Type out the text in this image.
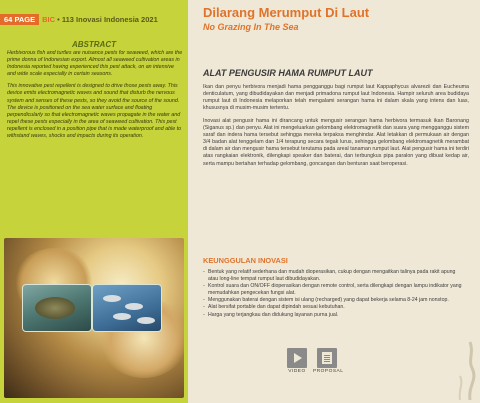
64 PAGE BIC • 113 Inovasi Indonesia 2021
ABSTRACT

Herbivorous fish and turtles are nuisance pests for seaweed, which are the prime donna of Indonesian export. Almost all seaweed cultivation areas in Indonesia reported having experienced this pest attack, on an intensive and wide scale especially in certain seasons.

This innovative pest repellent is designed to drive those pests away. This device emits electromagnetic waves and sound that disturb the nervous system and senses of these pests, so they avoid the source of the sound. The device is positioned on the sea water surface and floating perpendicularly so that electromagnetic waves propagate in the water and repel these pests especially in the area of seaweed cultivation. This pest repellent is enclosed in a position pipe that is made waterproof and able to withstand waves, shocks and impacts during its operation.

Dilarang Merumput Di Laut
No Grazing In The Sea
ALAT PENGUSIR HAMA RUMPUT LAUT

Ikan dan penyu herbivora menjadi hama pengganggu bagi rumput laut Kappaphycus alvarezii dan Eucheuma denticulatum, yang dibudidayakan dan menjadi primadona rumput laut Indonesia. Hampir seluruh area budidaya rumput laut di Indonesia melaporkan telah mengalami serangan hama ini dalam skala yang intens dan luas, khususnya di musim-musim tertentu.

Inovasi alat pengusir hama ini dirancang untuk mengusir serangan hama herbivora termasuk ikan Baronang (Siganus sp.) dan penyu. Alat ini mengeluarkan gelombang elektromagnetik dan suara yang mengganggu sistem saraf dan indera hama tersebut sehingga mereka terpaksa menghindar. Alat letakkan di permukaan air dengan 3/4 badan alat tenggelam dan 1/4 terapung secara tegak lurus, sehingga gelombang elektromagnetik merambat di dalam air dan mengusir hama tersebut terutama pada areal tanaman rumput laut. Alat pengusir hama ini terdiri atas rangkaian elektronik, dilengkapi speaker dan baterai, dan terbungkus pipa paralon yang dibuat kedap air, serta mampu bertahan terhadap gelombang, goncangan dan benturan saat beroperasi.

KEUNGGULAN INOVASI
- Bentuk yang relatif sederhana dan mudah dioperasikan, cukup dengan mengaitkan talinya pada rakit apung atau long-line tempat rumput laut dibudidayakan.
- Kontrol suara dan ON/OFF dioperasikan dengan remote control, serta dilengkapi dengan lampu indikator yang memudahkan pengecekan fungsi alat.
- Menggunakan baterai dengan sistem isi ulang (recharged) yang dapat bekerja selama 8-24 jam nonstop.
- Alat bersifat portable dan dapat dipindah sesuai kebutuhan.
- Harga yang terjangkau dan didukung layanan purna jual.
VIDEO	PROPOSAL
